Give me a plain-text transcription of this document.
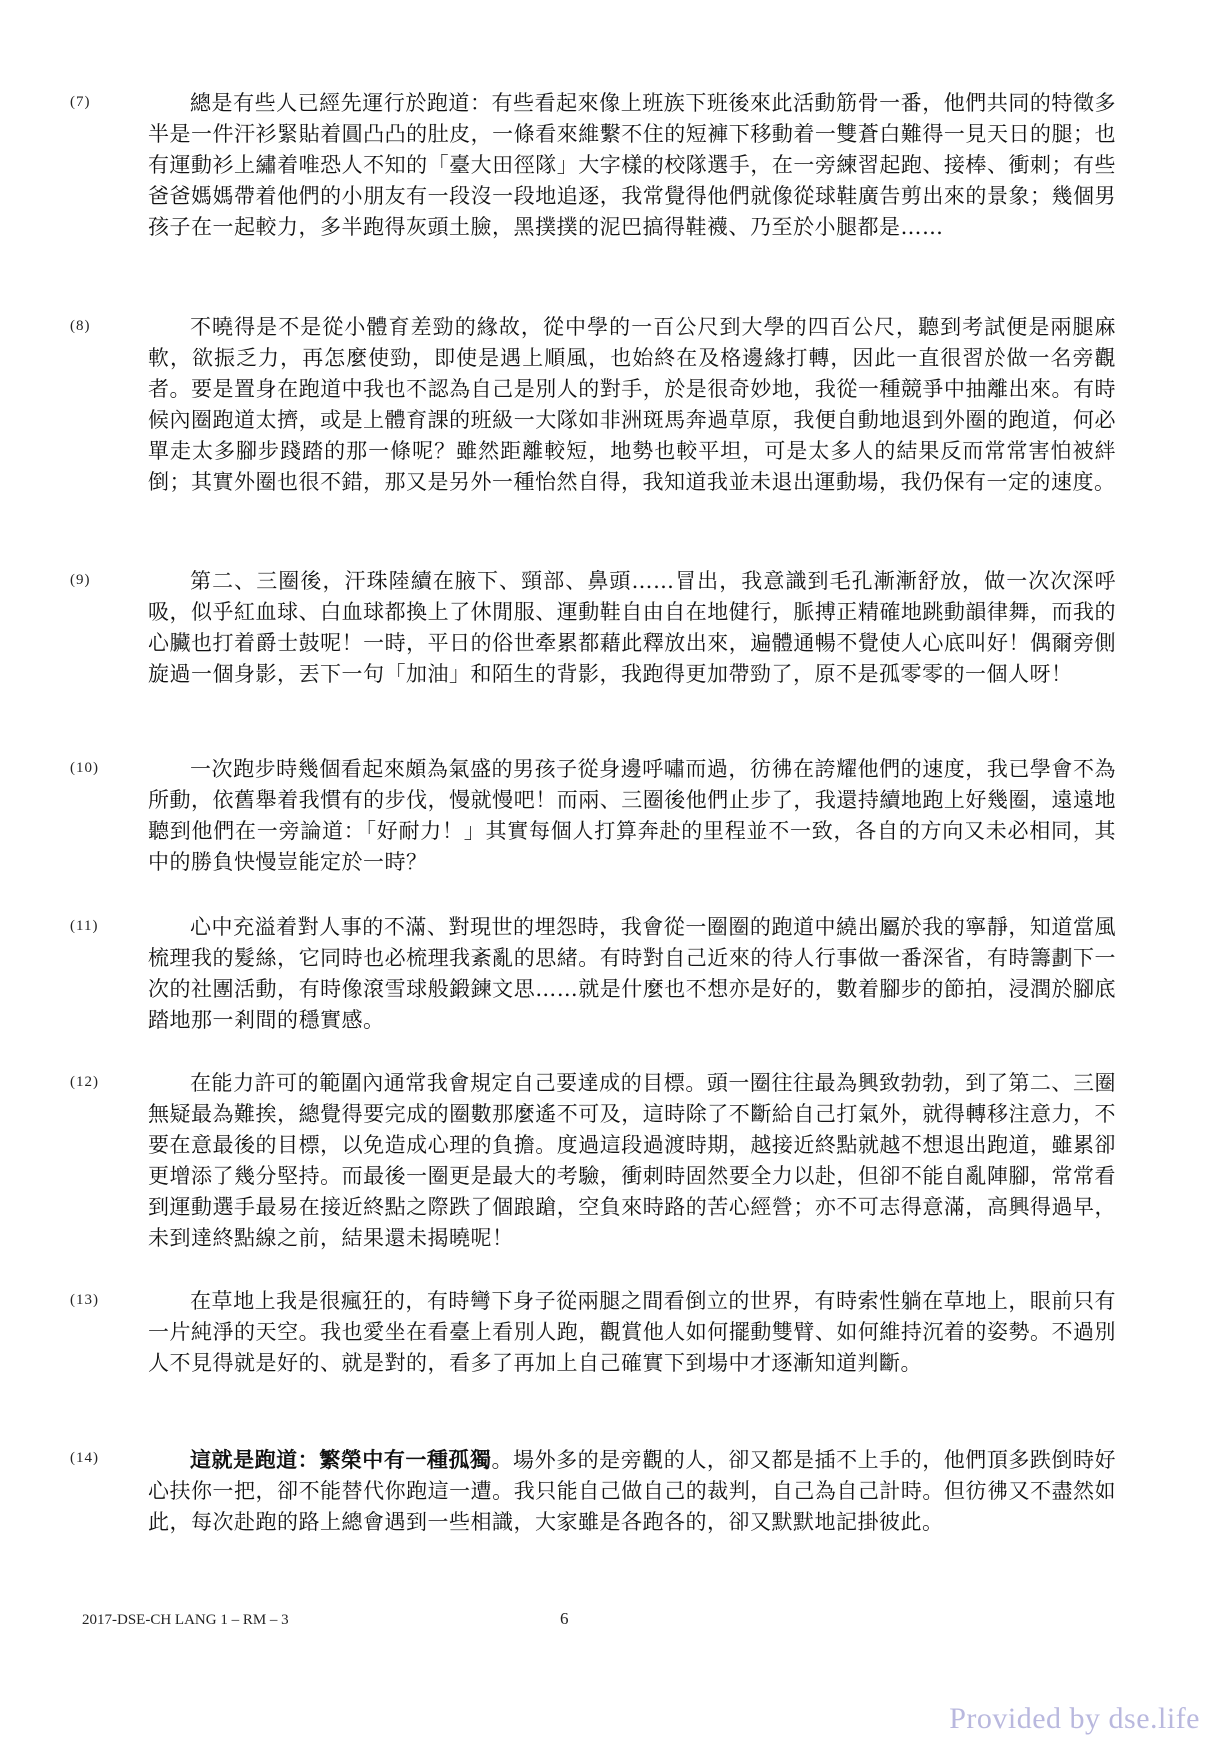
(7)	總是有些人已經先運行於跑道：有些看起來像上班族下班後來此活動筋骨一番，他們共同的特徵多半是一件汗衫緊貼着圓凸凸的肚皮，一條看來維繫不住的短褲下移動着一雙蒼白難得一見天日的腿；也有運動衫上繡着唯恐人不知的「臺大田徑隊」大字樣的校隊選手，在一旁練習起跑、接棒、衝刺；有些爸爸媽媽帶着他們的小朋友有一段沒一段地追逐，我常覺得他們就像從球鞋廣告剪出來的景象；幾個男孩子在一起較力，多半跑得灰頭土臉，黑撲撲的泥巴搞得鞋襪、乃至於小腿都是……
(8)	不曉得是不是從小體育差勁的緣故，從中學的一百公尺到大學的四百公尺，聽到考試便是兩腿麻軟，欲振乏力，再怎麼使勁，即使是遇上順風，也始終在及格邊緣打轉，因此一直很習於做一名旁觀者。要是置身在跑道中我也不認為自己是別人的對手，於是很奇妙地，我從一種競爭中抽離出來。有時候內圈跑道太擠，或是上體育課的班級一大隊如非洲斑馬奔過草原，我便自動地退到外圈的跑道，何必單走太多腳步踐踏的那一條呢？雖然距離較短，地勢也較平坦，可是太多人的結果反而常常害怕被絆倒；其實外圈也很不錯，那又是另外一種怡然自得，我知道我並未退出運動場，我仍保有一定的速度。
(9)	第二、三圈後，汗珠陸續在腋下、頸部、鼻頭……冒出，我意識到毛孔漸漸舒放，做一次次深呼吸，似乎紅血球、白血球都換上了休閒服、運動鞋自由自在地健行，脈搏正精確地跳動韻律舞，而我的心臟也打着爵士鼓呢！一時，平日的俗世牽累都藉此釋放出來，遍體通暢不覺使人心底叫好！偶爾旁側旋過一個身影，丟下一句「加油」和陌生的背影，我跑得更加帶勁了，原不是孤零零的一個人呀！
(10)	一次跑步時幾個看起來頗為氣盛的男孩子從身邊呼嘯而過，彷彿在誇耀他們的速度，我已學會不為所動，依舊舉着我慣有的步伐，慢就慢吧！而兩、三圈後他們止步了，我還持續地跑上好幾圈，遠遠地聽到他們在一旁論道：「好耐力！」其實每個人打算奔赴的里程並不一致，各自的方向又未必相同，其中的勝負快慢豈能定於一時？
(11)	心中充溢着對人事的不滿、對現世的埋怨時，我會從一圈圈的跑道中繞出屬於我的寧靜，知道當風梳理我的髮絲，它同時也必梳理我紊亂的思緒。有時對自己近來的待人行事做一番深省，有時籌劃下一次的社團活動，有時像滾雪球般鍛鍊文思……就是什麼也不想亦是好的，數着腳步的節拍，浸潤於腳底踏地那一剎間的穩實感。
(12)	在能力許可的範圍內通常我會規定自己要達成的目標。頭一圈往往最為興致勃勃，到了第二、三圈無疑最為難挨，總覺得要完成的圈數那麼遙不可及，這時除了不斷給自己打氣外，就得轉移注意力，不要在意最後的目標，以免造成心理的負擔。度過這段過渡時期，越接近終點就越不想退出跑道，雖累卻更增添了幾分堅持。而最後一圈更是最大的考驗，衝刺時固然要全力以赴，但卻不能自亂陣腳，常常看到運動選手最易在接近終點之際跌了個踉蹌，空負來時路的苦心經營；亦不可志得意滿，高興得過早，未到達終點線之前，結果還未揭曉呢！
(13)	在草地上我是很瘋狂的，有時彎下身子從兩腿之間看倒立的世界，有時索性躺在草地上，眼前只有一片純淨的天空。我也愛坐在看臺上看別人跑，觀賞他人如何擺動雙臂、如何維持沉着的姿勢。不過別人不見得就是好的、就是對的，看多了再加上自己確實下到場中才逐漸知道判斷。
(14)	這就是跑道：繁榮中有一種孤獨。場外多的是旁觀的人，卻又都是插不上手的，他們頂多跌倒時好心扶你一把，卻不能替代你跑這一遭。我只能自己做自己的裁判，自己為自己計時。但彷彿又不盡然如此，每次赴跑的路上總會遇到一些相識，大家雖是各跑各的，卻又默默地記掛彼此。
2017-DSE-CH LANG 1 – RM – 3	6
Provided by dse.life
